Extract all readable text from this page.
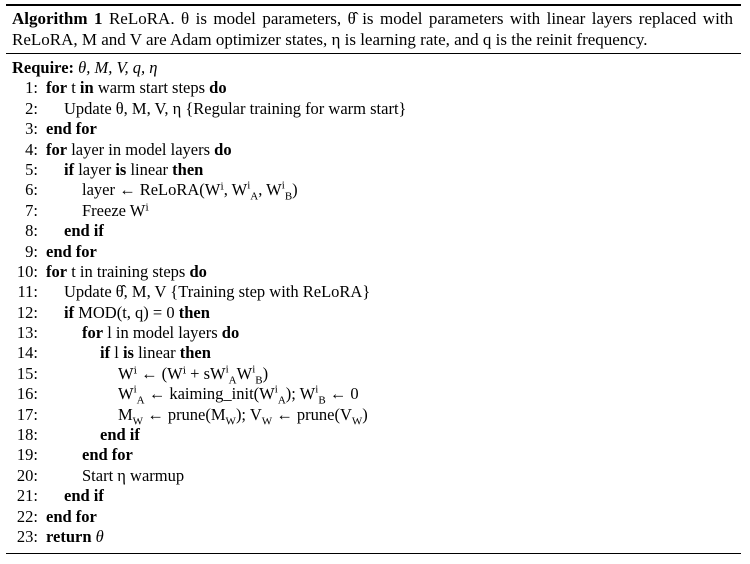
Algorithm 1 ReLoRA. θ is model parameters, θ̂ is model parameters with linear layers replaced with ReLoRA, M and V are Adam optimizer states, η is learning rate, and q is the reinit frequency.
Require: θ, M, V, q, η
1: for t in warm start steps do
2:	Update θ, M, V, η {Regular training for warm start}
3: end for
4: for layer in model layers do
5:	if layer is linear then
6:	layer ← ReLoRA(Wⁱ, $W^i_A$, $W^i_B$)
7:	Freeze Wⁱ
8:	end if
9: end for
10: for t in training steps do
11:	Update θ̂, M, V {Training step with ReLoRA}
12:	if MOD(t, q) = 0 then
13:	for l in model layers do
14:	if l is linear then
15:	Wⁱ ← $(W^i + sW^i_AW^i_B)$
16:	$W^i_A$ ← $kaiming\_init(W^i_A)$; $W^i_B$ ← 0
17:	$M_W$ ← $prune(M_W)$; $V_W$ ← $prune(V_W)$
18:	end if
19:	end for
20:	Start η warmup
21:	end if
22: end for
23: return θ
